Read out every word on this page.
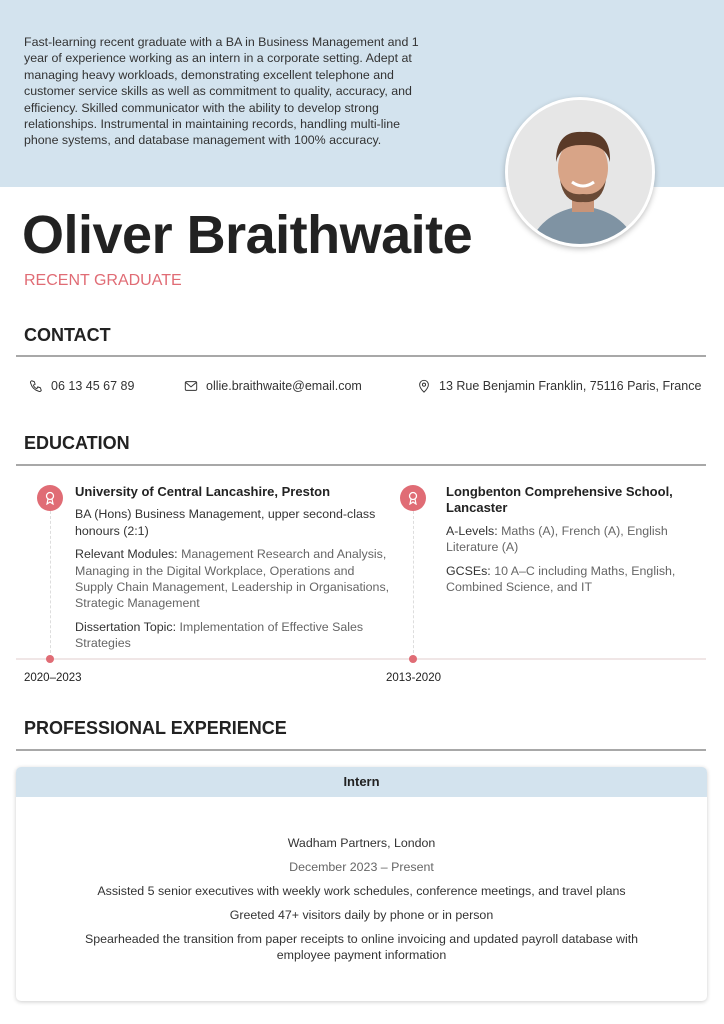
Fast-learning recent graduate with a BA in Business Management and 1 year of experience working as an intern in a corporate setting. Adept at managing heavy workloads, demonstrating excellent telephone and customer service skills as well as commitment to quality, accuracy, and efficiency. Skilled communicator with the ability to develop strong relationships. Instrumental in maintaining records, handling multi-line phone systems, and database management with 100% accuracy.
Oliver Braithwaite
RECENT GRADUATE
CONTACT
06 13 45 67 89	ollie.braithwaite@email.com	13 Rue Benjamin Franklin, 75116 Paris, France
EDUCATION
University of Central Lancashire, Preston

BA (Hons) Business Management, upper second-class honours (2:1)

Relevant Modules: Management Research and Analysis, Managing in the Digital Workplace, Operations and Supply Chain Management, Leadership in Organisations, Strategic Management

Dissertation Topic: Implementation of Effective Sales Strategies

Longbenton Comprehensive School, Lancaster

A-Levels: Maths (A), French (A), English Literature (A)

GCSEs: 10 A–C including Maths, English, Combined Science, and IT

2020–2023	2013-2020
PROFESSIONAL EXPERIENCE
Intern

Wadham Partners, London

December 2023 – Present

Assisted 5 senior executives with weekly work schedules, conference meetings, and travel plans

Greeted 47+ visitors daily by phone or in person

Spearheaded the transition from paper receipts to online invoicing and updated payroll database with employee payment information
